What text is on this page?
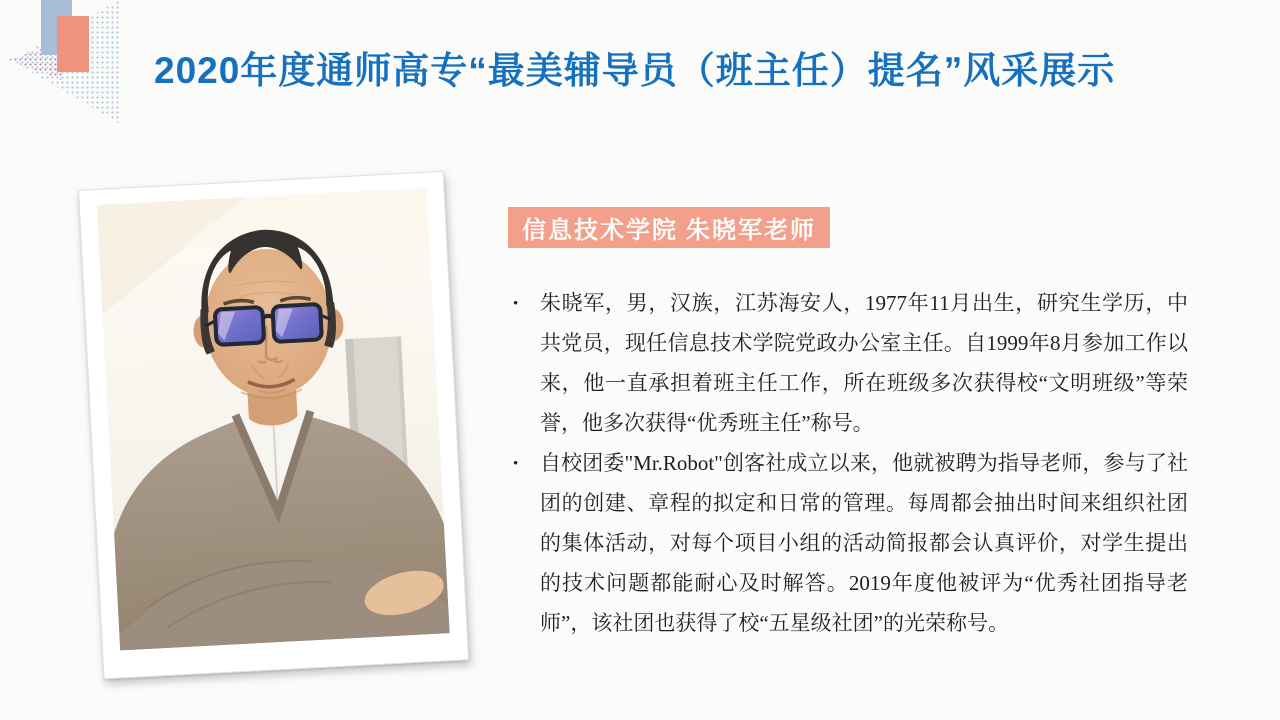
2020年度通师高专“最美辅导员（班主任）提名”风采展示
信息技术学院 朱晓军老师
• 朱晓军，男，汉族，江苏海安人，1977年11月出生，研究生学历，中共党员，现任信息技术学院党政办公室主任。自1999年8月参加工作以来，他一直承担着班主任工作，所在班级多次获得校“文明班级”等荣誉，他多次获得“优秀班主任”称号。
• 自校团委"Mr.Robot"创客社成立以来，他就被聘为指导老师，参与了社团的创建、章程的拟定和日常的管理。每周都会抽出时间来组织社团的集体活动，对每个项目小组的活动简报都会认真评价，对学生提出的技术问题都能耐心及时解答。2019年度他被评为“优秀社团指导老师”，该社团也获得了校“五星级社团”的光荣称号。
